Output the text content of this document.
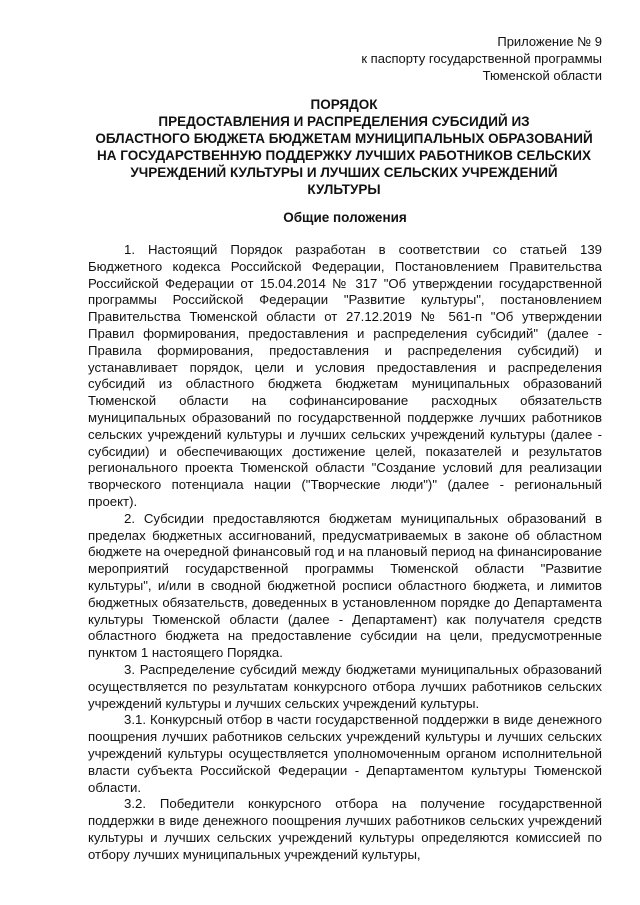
Приложение № 9
к паспорту государственной программы
Тюменской области
ПОРЯДОК
ПРЕДОСТАВЛЕНИЯ И РАСПРЕДЕЛЕНИЯ СУБСИДИЙ ИЗ
ОБЛАСТНОГО БЮДЖЕТА БЮДЖЕТАМ МУНИЦИПАЛЬНЫХ ОБРАЗОВАНИЙ
НА ГОСУДАРСТВЕННУЮ ПОДДЕРЖКУ ЛУЧШИХ РАБОТНИКОВ СЕЛЬСКИХ
УЧРЕЖДЕНИЙ КУЛЬТУРЫ И ЛУЧШИХ СЕЛЬСКИХ УЧРЕЖДЕНИЙ
КУЛЬТУРЫ
Общие положения

1. Настоящий Порядок разработан в соответствии со статьей 139 Бюджетного кодекса Российской Федерации, Постановлением Правительства Российской Федерации от 15.04.2014 № 317 "Об утверждении государственной программы Российской Федерации "Развитие культуры", постановлением Правительства Тюменской области от 27.12.2019 № 561-п "Об утверждении Правил формирования, предоставления и распределения субсидий" (далее - Правила формирования, предоставления и распределения субсидий) и устанавливает порядок, цели и условия предоставления и распределения субсидий из областного бюджета бюджетам муниципальных образований Тюменской области на софинансирование расходных обязательств муниципальных образований по государственной поддержке лучших работников сельских учреждений культуры и лучших сельских учреждений культуры (далее - субсидии) и обеспечивающих достижение целей, показателей и результатов регионального проекта Тюменской области "Создание условий для реализации творческого потенциала нации ("Творческие люди")" (далее - региональный проект).

2. Субсидии предоставляются бюджетам муниципальных образований в пределах бюджетных ассигнований, предусматриваемых в законе об областном бюджете на очередной финансовый год и на плановый период на финансирование мероприятий государственной программы Тюменской области "Развитие культуры", и/или в сводной бюджетной росписи областного бюджета, и лимитов бюджетных обязательств, доведенных в установленном порядке до Департамента культуры Тюменской области (далее - Департамент) как получателя средств областного бюджета на предоставление субсидии на цели, предусмотренные пунктом 1 настоящего Порядка.

3. Распределение субсидий между бюджетами муниципальных образований осуществляется по результатам конкурсного отбора лучших работников сельских учреждений культуры и лучших сельских учреждений культуры.

3.1. Конкурсный отбор в части государственной поддержки в виде денежного поощрения лучших работников сельских учреждений культуры и лучших сельских учреждений культуры осуществляется уполномоченным органом исполнительной власти субъекта Российской Федерации - Департаментом культуры Тюменской области.

3.2. Победители конкурсного отбора на получение государственной поддержки в виде денежного поощрения лучших работников сельских учреждений культуры и лучших сельских учреждений культуры определяются комиссией по отбору лучших муниципальных учреждений культуры,
